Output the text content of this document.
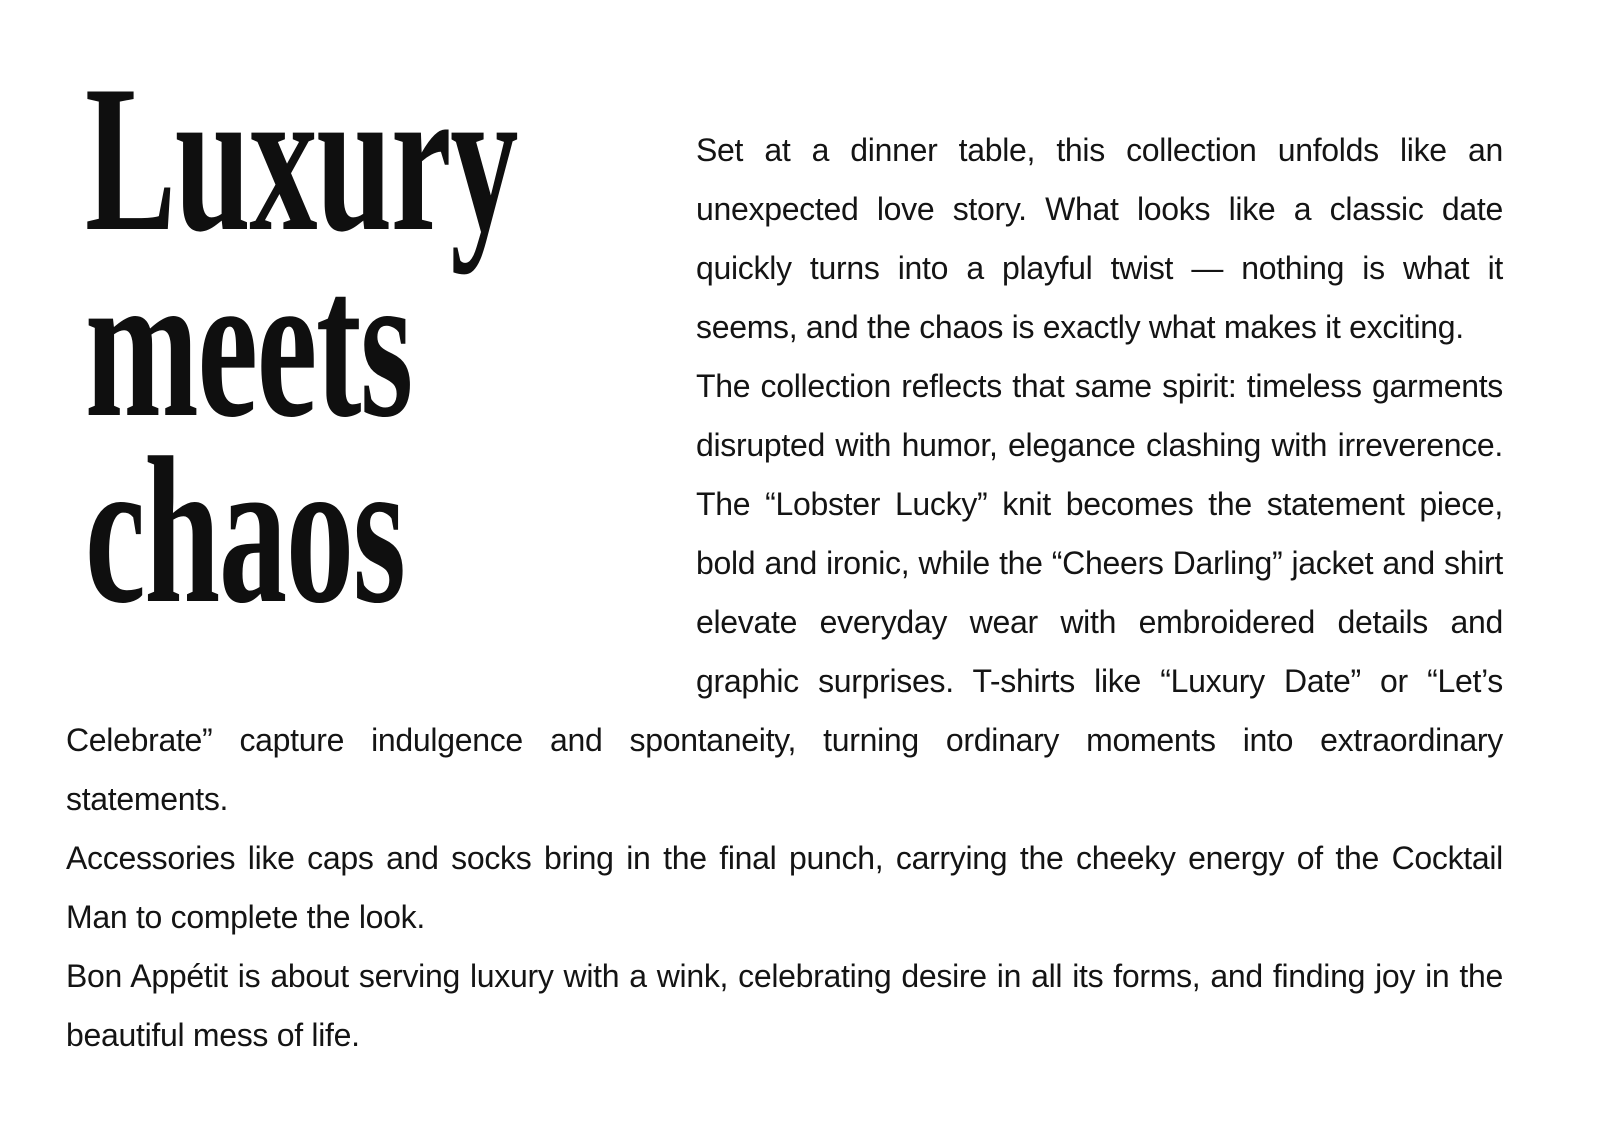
Luxury
meets
chaos

Set at a dinner table, this collection unfolds like an unexpected love story. What looks like a classic date quickly turns into a playful twist — nothing is what it seems, and the chaos is exactly what makes it exciting.

The collection reflects that same spirit: timeless garments disrupted with humor, elegance clashing with irreverence. The “Lobster Lucky” knit becomes the statement piece, bold and ironic, while the “Cheers Darling” jacket and shirt elevate everyday wear with embroidered details and graphic surprises. T-shirts like “Luxury Date” or “Let’s Celebrate” capture indulgence and spontaneity, turning ordinary moments into extraordinary statements.

Accessories like caps and socks bring in the final punch, carrying the cheeky energy of the Cocktail Man to complete the look.

Bon Appétit is about serving luxury with a wink, celebrating desire in all its forms, and finding joy in the beautiful mess of life.
